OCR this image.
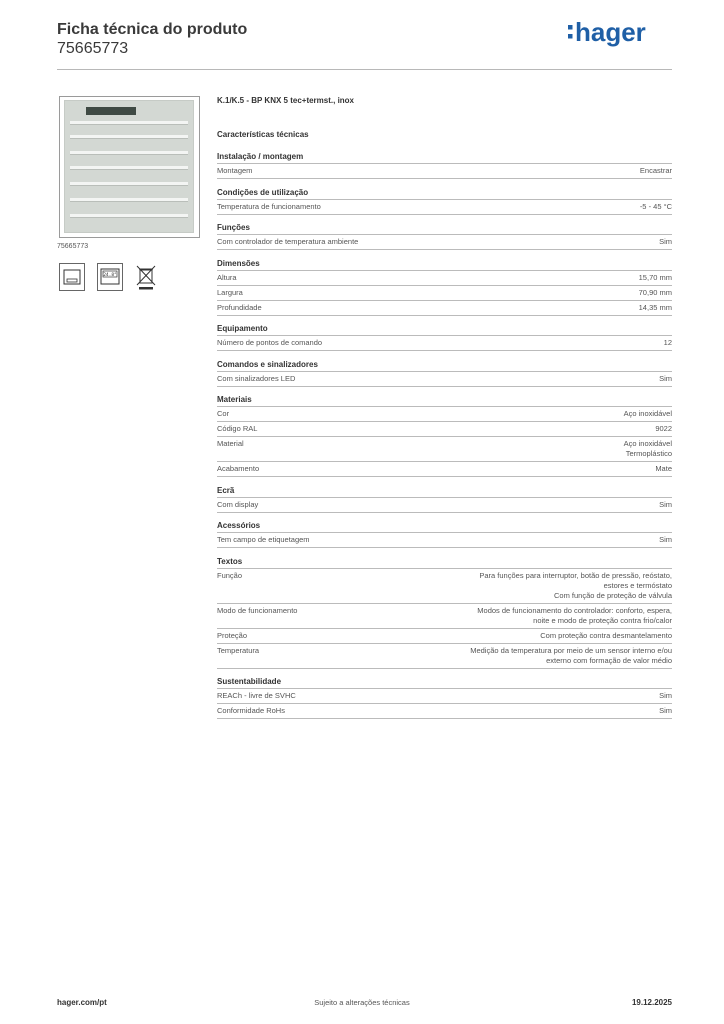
Ficha técnica do produto
75665773
hager
75665773
24.8°
K.1/K.5 - BP KNX 5 tec+termst., inox
Características técnicas
Instalação / montagem
Montagem	Encastrar
Condições de utilização
Temperatura de funcionamento	-5 - 45 °C
Funções
Com controlador de temperatura ambiente	Sim
Dimensões
Altura	15,70 mm
Largura	70,90 mm
Profundidade	14,35 mm
Equipamento
Número de pontos de comando	12
Comandos e sinalizadores
Com sinalizadores LED	Sim
Materiais
Cor	Aço inoxidável
Código RAL	9022
Material	Aço inoxidável
Termoplástico
Acabamento	Mate
Ecrã
Com display	Sim
Acessórios
Tem campo de etiquetagem	Sim
Textos
Função	Para funções para interruptor, botão de pressão, reóstato,
estores e termóstato
Com função de proteção de válvula
Modo de funcionamento	Modos de funcionamento do controlador: conforto, espera,
noite e modo de proteção contra frio/calor
Proteção	Com proteção contra desmantelamento
Temperatura	Medição da temperatura por meio de um sensor interno e/ou
externo com formação de valor médio
Sustentabilidade
REACh - livre de SVHC	Sim
Conformidade RoHs	Sim
hager.com/pt	Sujeito a alterações técnicas	19.12.2025
